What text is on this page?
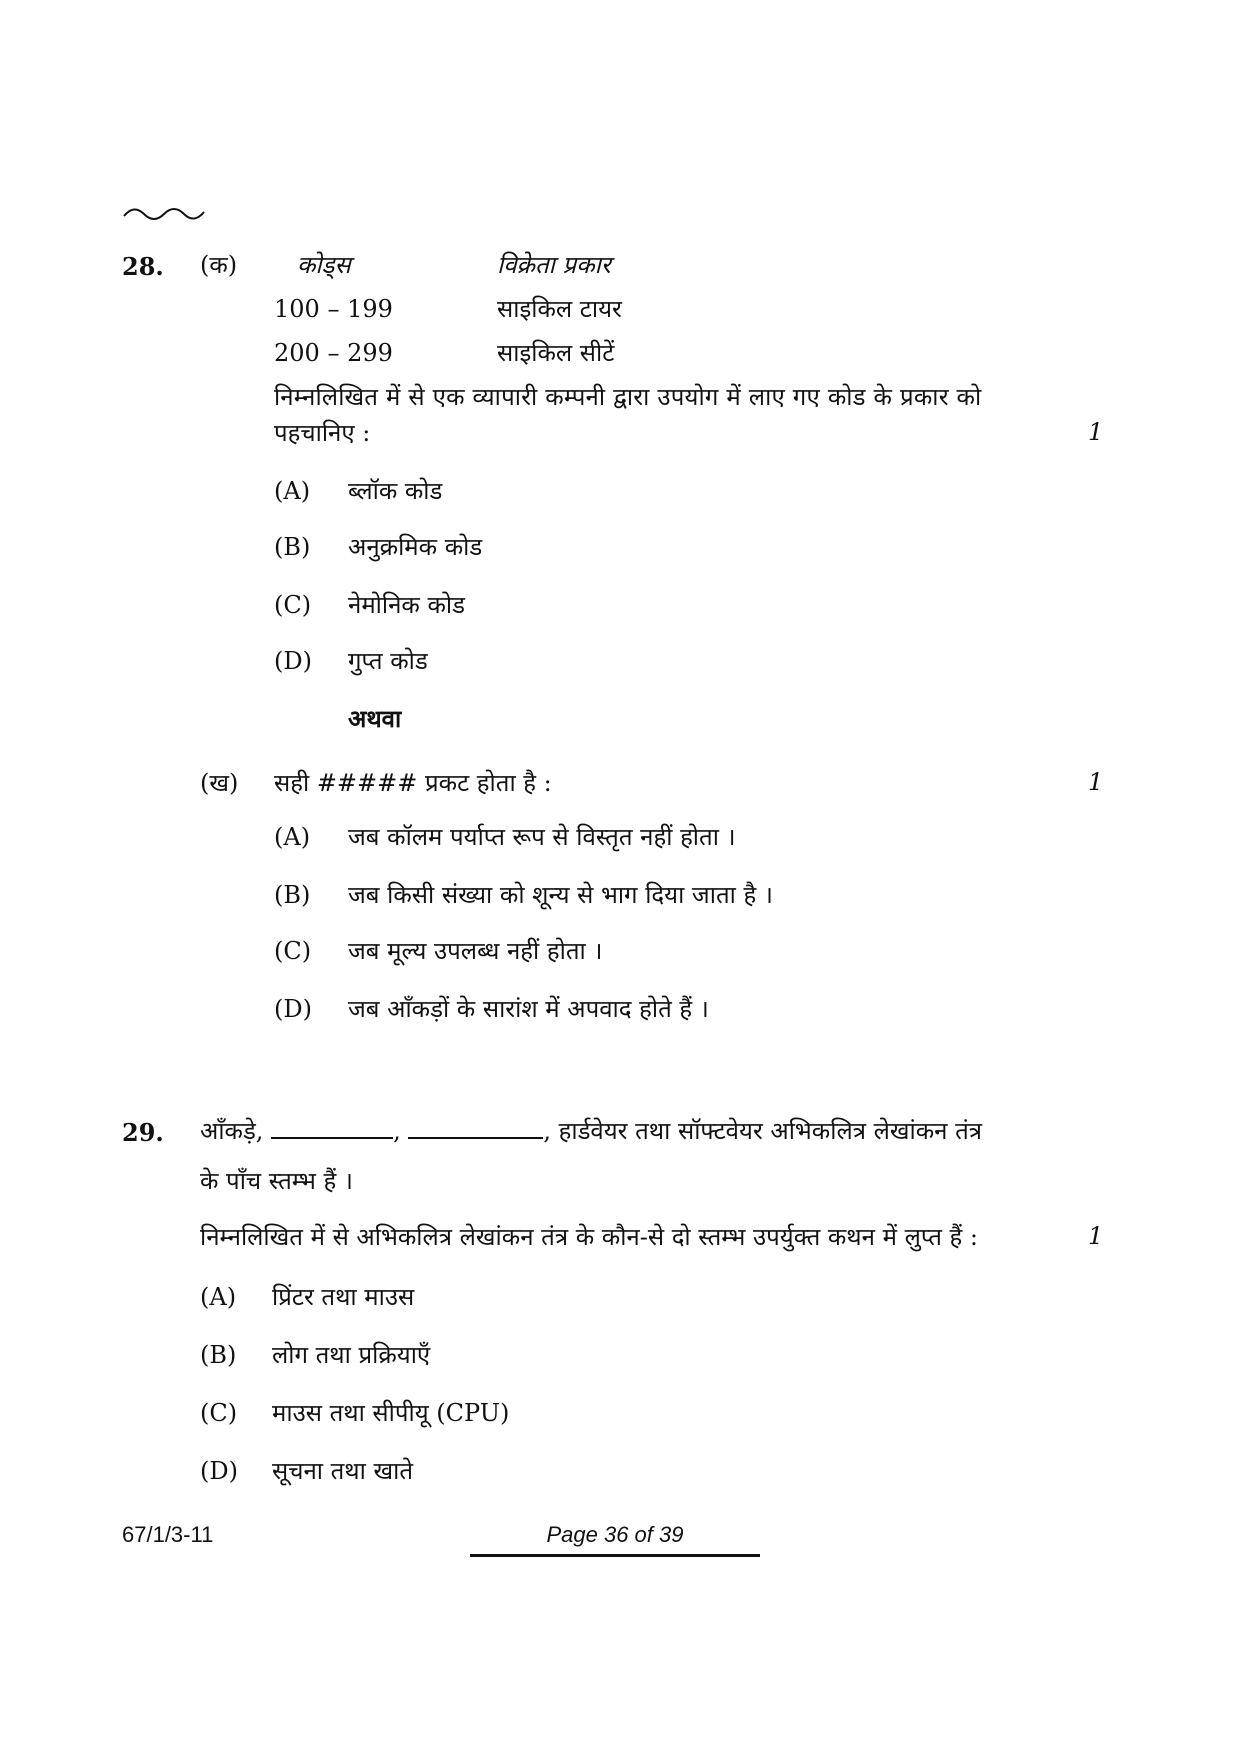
28. (क) कोड्स	विक्रेता प्रकार
100 – 199	साइकिल टायर
200 – 299	साइकिल सीटें
निम्नलिखित में से एक व्यापारी कम्पनी द्वारा उपयोग में लाए गए कोड के प्रकार को
पहचानिए :	1
(A) ब्लॉक कोड
(B) अनुक्रमिक कोड
(C) नेमोनिक कोड
(D) गुप्त कोड
अथवा
(ख) सही ##### प्रकट होता है :	1
(A) जब कॉलम पर्याप्त रूप से विस्तृत नहीं होता ।
(B) जब किसी संख्या को शून्य से भाग दिया जाता है ।
(C) जब मूल्य उपलब्ध नहीं होता ।
(D) जब आँकड़ों के सारांश में अपवाद होते हैं ।
29. आँकड़े,	,	, हार्डवेयर तथा सॉफ्टवेयर अभिकलित्र लेखांकन तंत्र
के पाँच स्तम्भ हैं ।
निम्नलिखित में से अभिकलित्र लेखांकन तंत्र के कौन-से दो स्तम्भ उपर्युक्त कथन में लुप्त हैं :	1
(A) प्रिंटर तथा माउस
(B) लोग तथा प्रक्रियाएँ
(C) माउस तथा सीपीयू (CPU)
(D) सूचना तथा खाते
67/1/3-11	Page 36 of 39
